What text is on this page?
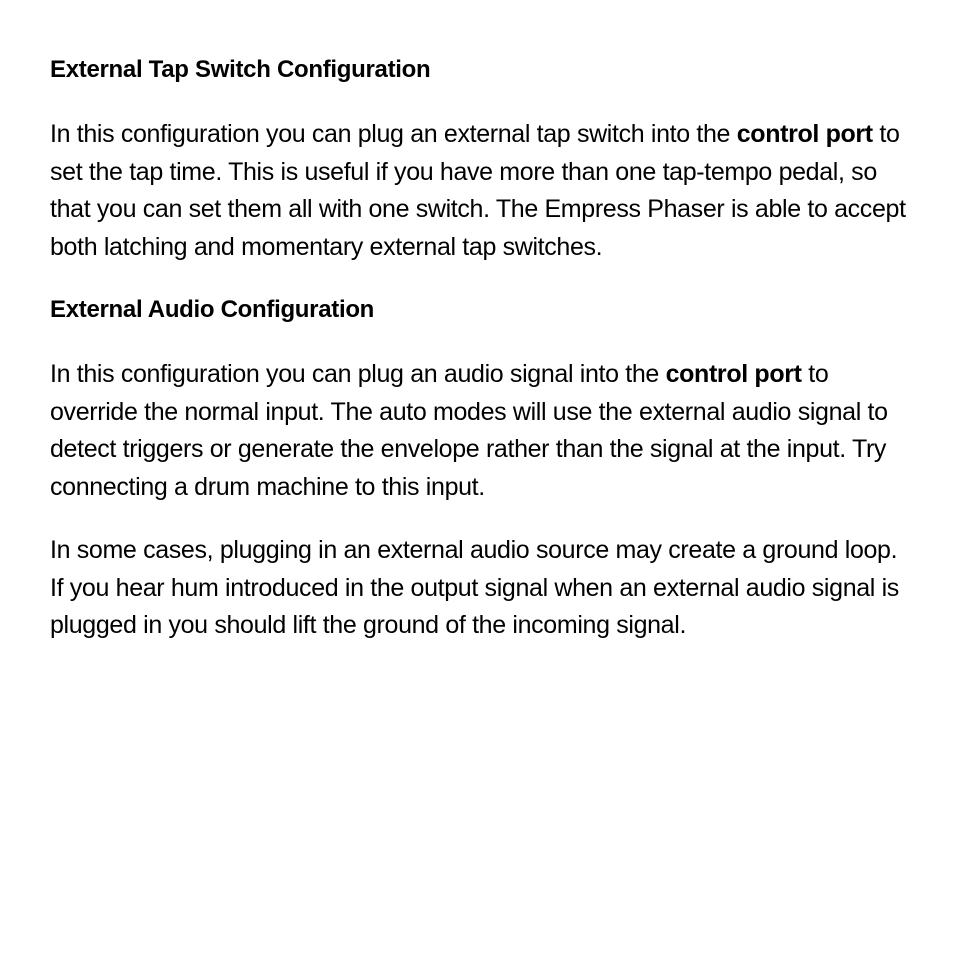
External Tap Switch Configuration
In this configuration you can plug an external tap switch into the control port to set the tap time. This is useful if you have more than one tap-tempo pedal, so that you can set them all with one switch. The Empress Phaser is able to accept both latching and momentary external tap switches.
External Audio Configuration
In this configuration you can plug an audio signal into the control port to override the normal input. The auto modes will use the external audio signal to detect triggers or generate the envelope rather than the signal at the input. Try connecting a drum machine to this input.
In some cases, plugging in an external audio source may create a ground loop. If you hear hum introduced in the output signal when an external audio signal is plugged in you should lift the ground of the incoming signal.
